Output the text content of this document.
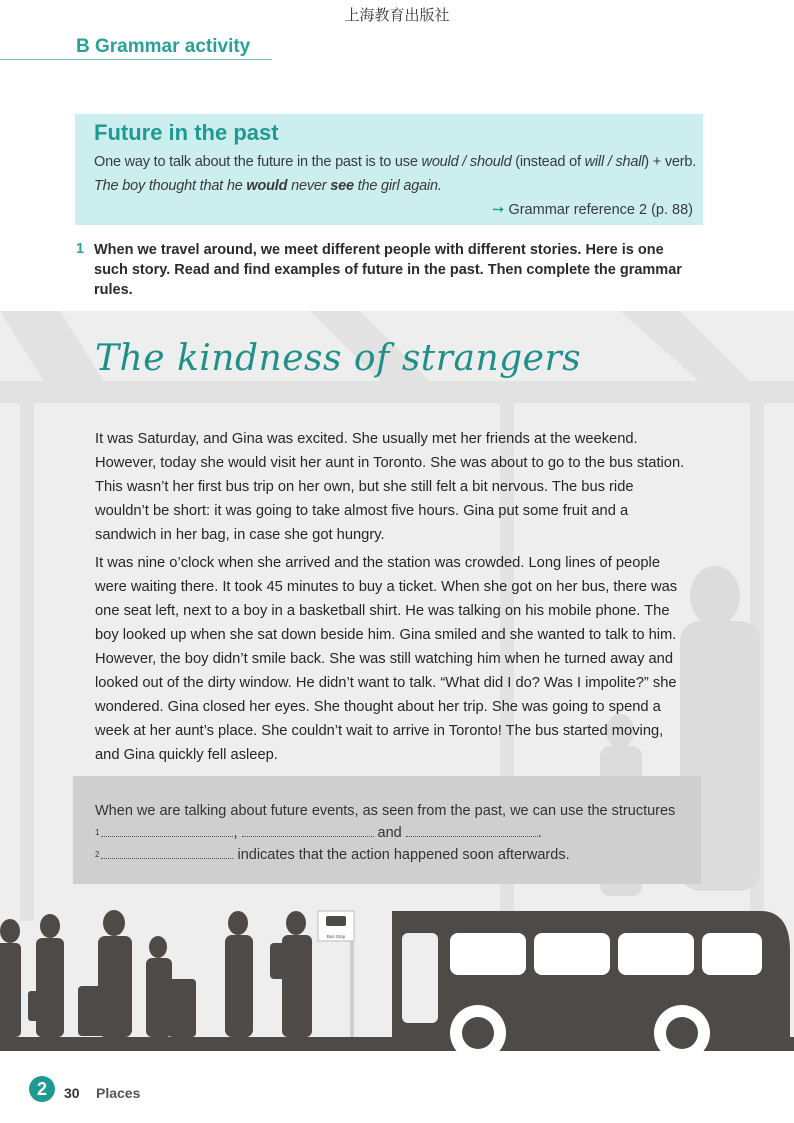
上海教育出版社
B Grammar activity
Future in the past
One way to talk about the future in the past is to use would / should (instead of will / shall) + verb.
The boy thought that he would never see the girl again.
➙ Grammar reference 2 (p. 88)
1 When we travel around, we meet different people with different stories. Here is one such story. Read and find examples of future in the past. Then complete the grammar rules.
Bus Stop
The kindness of strangers

It was Saturday, and Gina was excited. She usually met her friends at the weekend. However, today she would visit her aunt in Toronto. She was about to go to the bus station. This wasn’t her first bus trip on her own, but she still felt a bit nervous. The bus ride wouldn’t be short: it was going to take almost five hours. Gina put some fruit and a sandwich in her bag, in case she got hungry.

It was nine o’clock when she arrived and the station was crowded. Long lines of people were waiting there. It took 45 minutes to buy a ticket. When she got on her bus, there was one seat left, next to a boy in a basketball shirt. He was talking on his mobile phone. The boy looked up when she sat down beside him. Gina smiled and she wanted to talk to him. However, the boy didn’t smile back. She was still watching him when he turned away and looked out of the dirty window. He didn’t want to talk. “What did I do? Was I impolite?” she wondered. Gina closed her eyes. She thought about her trip. She was going to spend a week at her aunt’s place. She couldn’t wait to arrive in Toronto! The bus started moving, and Gina quickly fell asleep.

When we are talking about future events, as seen from the past, we can use the structures
$^1$	,	and	.
$^2$	indicates that the action happened soon afterwards.
2	30 Places
